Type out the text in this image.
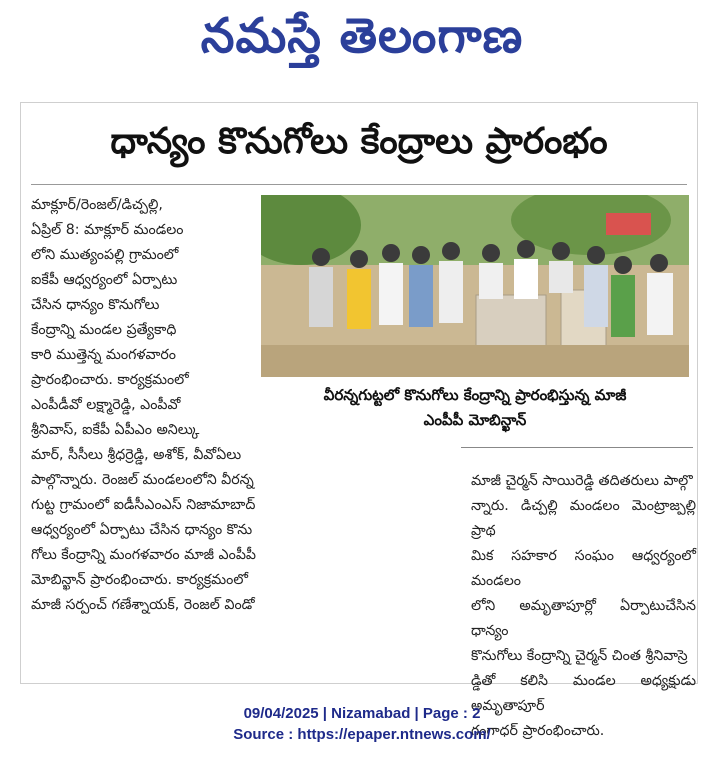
నమస్తే తెలంగాణ
ధాన్యం కొనుగోలు కేంద్రాలు ప్రారంభం
మాక్లూర్/రెంజల్/డిచ్పల్లి,
ఏప్రిల్ 8: మాక్లూర్ మండలం
లోని ముత్యంపల్లి గ్రామంలో
ఐకేపీ ఆధ్వర్యంలో ఏర్పాటు
చేసిన ధాన్యం కొనుగోలు
కేంద్రాన్ని మండల ప్రత్యేకాధి
కారి ముత్తెన్న మంగళవారం
ప్రారంభించారు. కార్యక్రమంలో
ఎంపీడీవో లక్ష్మారెడ్డి, ఎంపీవో
శ్రీనివాస్, ఐకేపీ ఏపీఎం అనిల్కు
మార్, సీసీలు శ్రీధర్రెడ్డి, అశోక్, వీవోఏలు
పాల్గొన్నారు. రెంజల్ మండలంలోని వీరన్న
గుట్ట గ్రామంలో ఐడీసీఎంఎస్ నిజామాబాద్
ఆధ్వర్యంలో ఏర్పాటు చేసిన ధాన్యం కొను
గోలు కేంద్రాన్ని మంగళవారం మాజీ ఎంపీపీ
మోబిన్ఖాన్ ప్రారంభించారు. కార్యక్రమంలో
మాజీ సర్పంచ్ గణేశ్నాయక్, రెంజల్ విండో
వీరన్నగుట్టలో కొనుగోలు కేంద్రాన్ని ప్రారంభిస్తున్న మాజీ
ఎంపీపీ మోబిన్ఖాన్
మాజీ చైర్మన్ సాయిరెడ్డి తదితరులు పాల్గొ
న్నారు. డిచ్పల్లి మండలం మెంట్రాజ్పల్లి ప్రాథ
మిక సహకార సంఘం ఆధ్వర్యంలో మండలం
లోని అమృతాపూర్లో ఏర్పాటుచేసిన ధాన్యం
కొనుగోలు కేంద్రాన్ని చైర్మన్ చింత శ్రీనివాస్రె
డ్డితో కలిసి మండల అధ్యక్షుడు అమృతాపూర్
గంగాధర్ ప్రారంభించారు.
09/04/2025 | Nizamabad | Page : 2
Source : https://epaper.ntnews.com/
